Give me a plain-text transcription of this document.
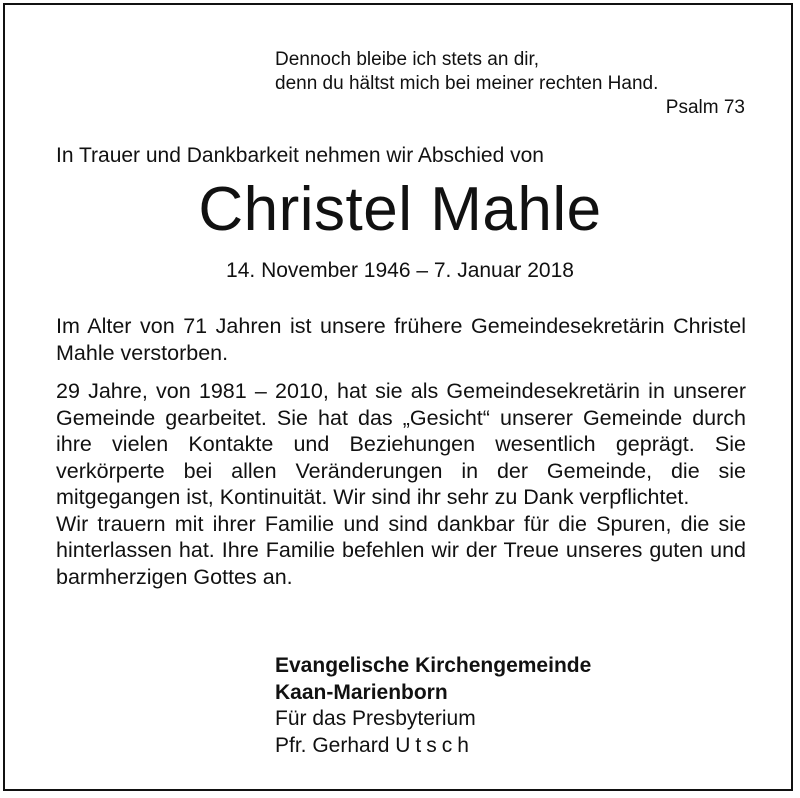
Dennoch bleibe ich stets an dir,
denn du hältst mich bei meiner rechten Hand.
Psalm 73
In Trauer und Dankbarkeit nehmen wir Abschied von
Christel Mahle
14. November 1946 – 7. Januar 2018

Im Alter von 71 Jahren ist unsere frühere Gemeindesekretärin Christel Mahle verstorben.

29 Jahre, von 1981 – 2010, hat sie als Gemeindesekretärin in unserer Gemeinde gearbeitet. Sie hat das „Gesicht“ unserer Gemeinde durch ihre vielen Kontakte und Beziehungen wesentlich geprägt. Sie verkörperte bei allen Veränderungen in der Gemeinde, die sie mitgegangen ist, Kontinuität. Wir sind ihr sehr zu Dank verpflichtet.

Wir trauern mit ihrer Familie und sind dankbar für die Spuren, die sie hinterlassen hat. Ihre Familie befehlen wir der Treue unseres guten und barmherzigen Gottes an.

Evangelische Kirchengemeinde
Kaan-Marienborn
Für das Presbyterium
Pfr. Gerhard Utsch
